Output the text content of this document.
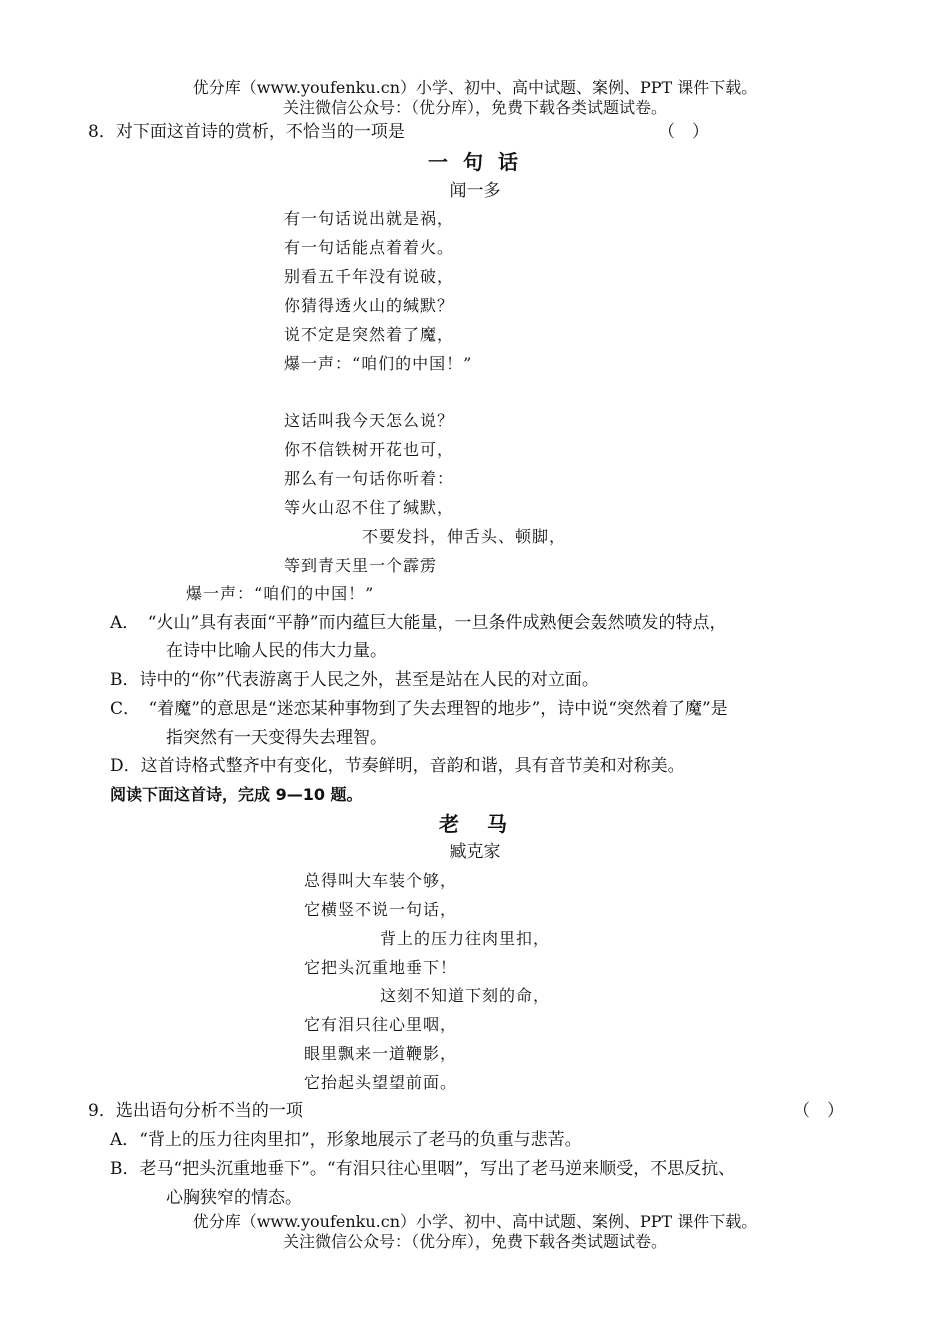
优分库（www.youfenku.cn）小学、初中、高中试题、案例、PPT 课件下载。
关注微信公众号：（优分库），免费下载各类试题试卷。
8．对下面这首诗的赏析，不恰当的一项是	（　）
一 句 话
闻一多
有一句话说出就是祸，
有一句话能点着着火。
别看五千年没有说破，
你猜得透火山的缄默？
说不定是突然着了魔，
爆一声：“咱们的中国！”
这话叫我今天怎么说？
你不信铁树开花也可，
那么有一句话你听着：
等火山忍不住了缄默，
不要发抖，伸舌头、顿脚，
等到青天里一个霹雳
爆一声：“咱们的中国！”
A．　“火山”具有表面“平静”而内蕴巨大能量，一旦条件成熟便会轰然喷发的特点，
在诗中比喻人民的伟大力量。
B．诗中的“你”代表游离于人民之外，甚至是站在人民的对立面。
C．　“着魔”的意思是“迷恋某种事物到了失去理智的地步”，诗中说“突然着了魔”是
指突然有一天变得失去理智。
D．这首诗格式整齐中有变化，节奏鲜明，音韵和谐，具有音节美和对称美。
阅读下面这首诗，完成 9—10 题。
老　马
臧克家
总得叫大车装个够，
它横竖不说一句话，
背上的压力往肉里扣，
它把头沉重地垂下！
这刻不知道下刻的命，
它有泪只往心里咽，
眼里飘来一道鞭影，
它抬起头望望前面。
9．选出语句分析不当的一项	（　）
A．“背上的压力往肉里扣”，形象地展示了老马的负重与悲苦。
B．老马“把头沉重地垂下”。“有泪只往心里咽”，写出了老马逆来顺受，不思反抗、
心胸狭窄的情态。
优分库（www.youfenku.cn）小学、初中、高中试题、案例、PPT 课件下载。
关注微信公众号：（优分库），免费下载各类试题试卷。
